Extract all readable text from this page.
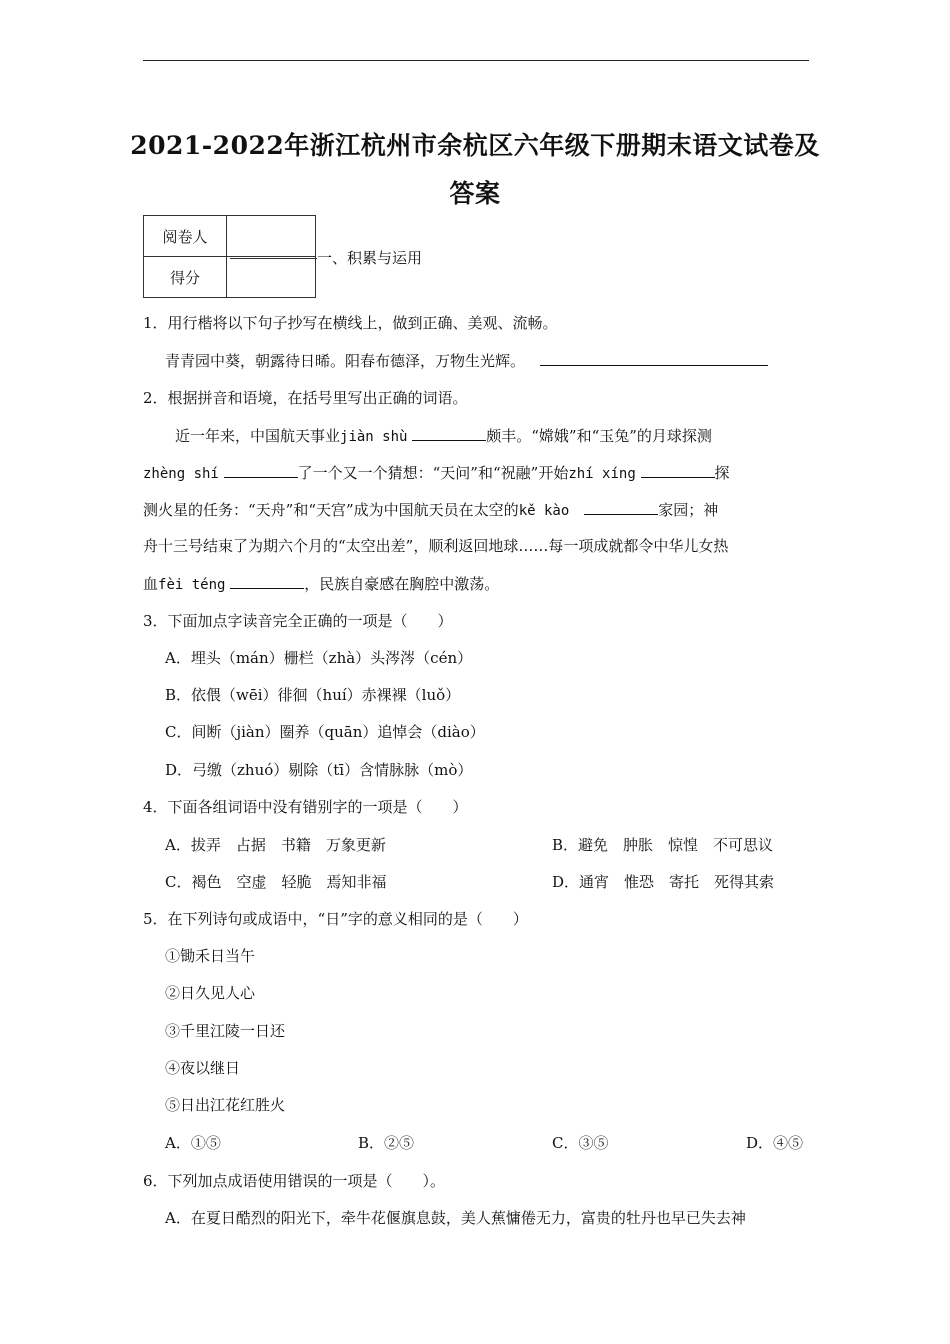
2021-2022年浙江杭州市余杭区六年级下册期末语文试卷及
答案
阅卷人	
得分	
一、积累与运用
1．用行楷将以下句子抄写在横线上，做到正确、美观、流畅。
青青园中葵，朝露待日晞。阳春布德泽，万物生光辉。
2．根据拼音和语境，在括号里写出正确的词语。
近一年来，中国航天事业jiàn shù	颇丰。“嫦娥”和“玉兔”的月球探测
zhèng shí	了一个又一个猜想：“天问”和“祝融”开始zhí xíng	探
测火星的任务：“天舟”和“天宫”成为中国航天员在太空的kě kào　	家园；神
舟十三号结束了为期六个月的“太空出差”，顺利返回地球……每一项成就都令中华儿女热
血fèi téng	，民族自豪感在胸腔中激荡。
3．下面加点字读音完全正确的一项是（　　）
A．埋头（mán）栅栏（zhà）头涔涔（cén）
B．依偎（wēi）徘徊（huí）赤裸裸（luǒ）
C．间断（jiàn）圈养（quān）追悼会（diào）
D．弓缴（zhuó）剔除（tī）含情脉脉（mò）
4．下面各组词语中没有错别字的一项是（　　）
A．拔弄　占据　书籍　万象更新	B．避免　肿胀　惊惶　不可思议
C．褐色　空虚　轻脆　焉知非福	D．通宵　惟恐　寄托　死得其索
5．在下列诗句或成语中，“日”字的意义相同的是（　　）
①锄禾日当午
②日久见人心
③千里江陵一日还
④夜以继日
⑤日出江花红胜火
A．①⑤	B．②⑤	C．③⑤	D．④⑤
6．下列加点成语使用错误的一项是（　　）。
A．在夏日酷烈的阳光下，牵牛花偃旗息鼓，美人蕉慵倦无力，富贵的牡丹也早已失去神
